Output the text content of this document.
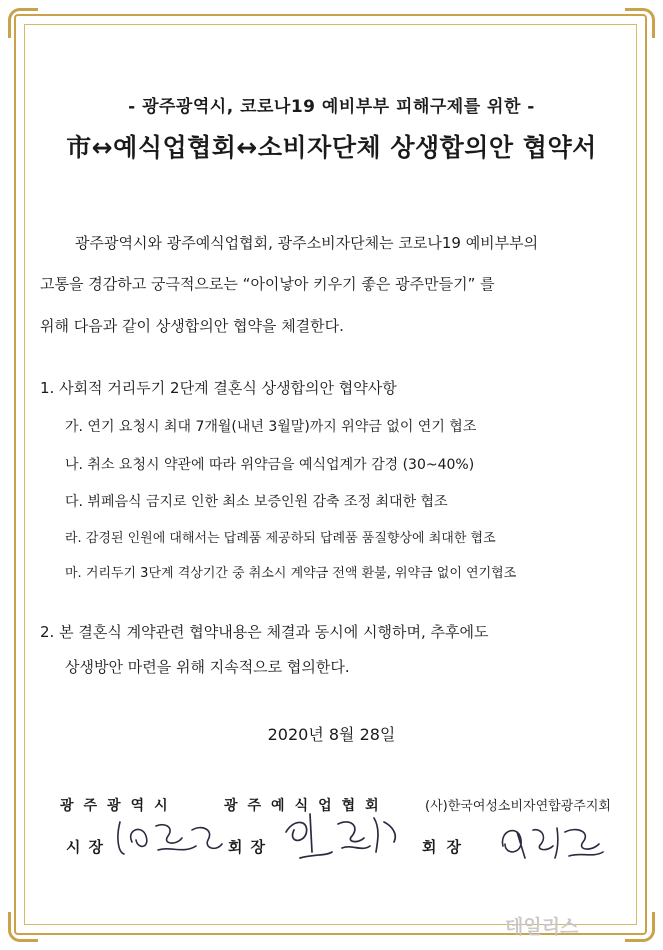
- 광주광역시, 코로나19 예비부부 피해구제를 위한 -
市↔예식업협회↔소비자단체 상생합의안 협약서
광주광역시와 광주예식업협회, 광주소비자단체는 코로나19 예비부부의
고통을 경감하고 궁극적으로는 “아이낳아 키우기 좋은 광주만들기” 를
위해 다음과 같이 상생합의안 협약을 체결한다.
1. 사회적 거리두기 2단계 결혼식 상생합의안 협약사항
가. 연기 요청시 최대 7개월(내년 3월말)까지 위약금 없이 연기 협조
나. 취소 요청시 약관에 따라 위약금을 예식업계가 감경 (30~40%)
다. 뷔페음식 금지로 인한 최소 보증인원 감축 조정 최대한 협조
라. 감경된 인원에 대해서는 답례품 제공하되 답례품 품질향상에 최대한 협조
마. 거리두기 3단계 격상기간 중 취소시 계약금 전액 환불, 위약금 없이 연기협조
2. 본 결혼식 계약관련 협약내용은 체결과 동시에 시행하며, 추후에도
상생방안 마련을 위해 지속적으로 협의한다.
2020년 8월 28일
광주광역시	광주예식업협회	(사)한국여성소비자연합광주지회
시장	회장	회장
데일리스
